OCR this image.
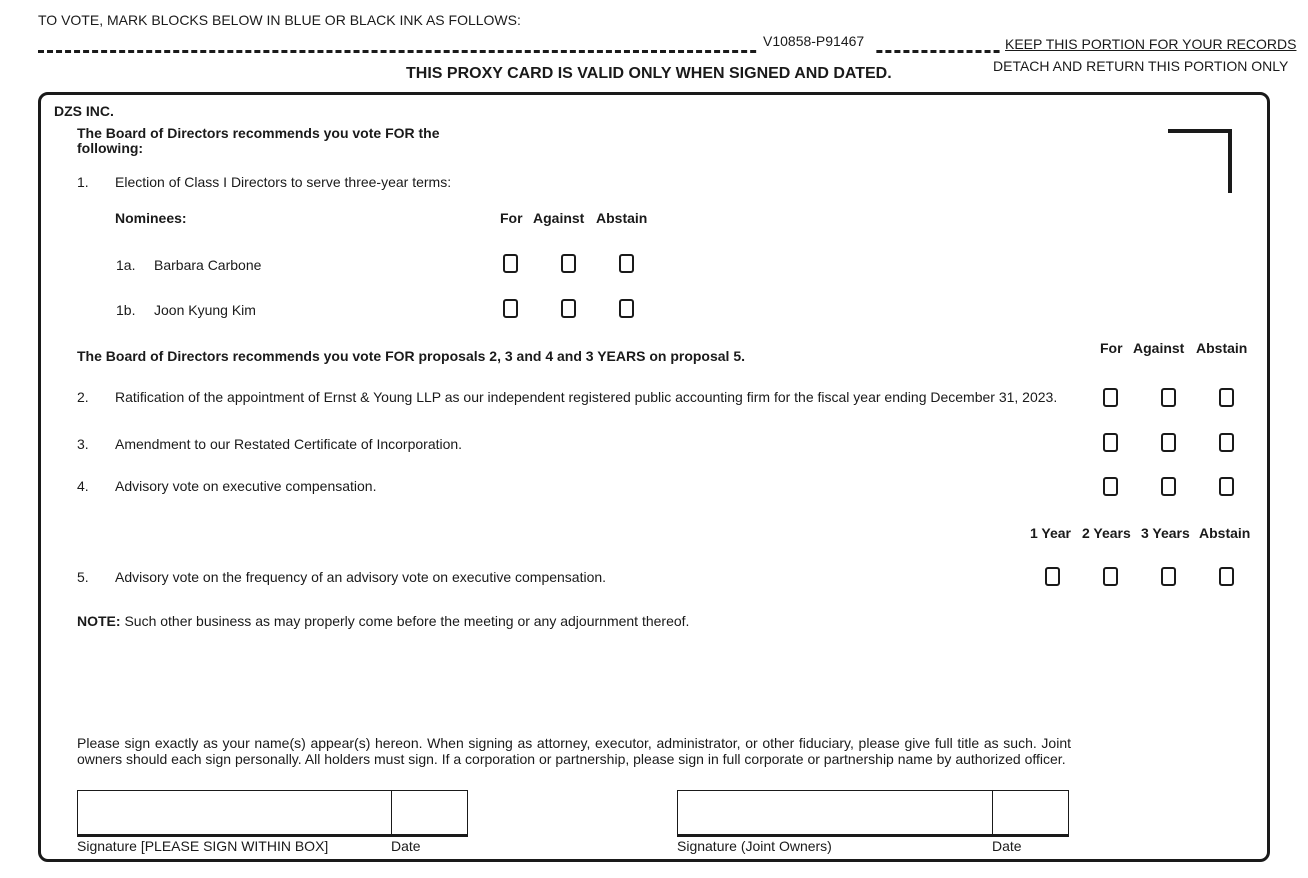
TO VOTE, MARK BLOCKS BELOW IN BLUE OR BLACK INK AS FOLLOWS:
V10858-P91467	KEEP THIS PORTION FOR YOUR RECORDS
DETACH AND RETURN THIS PORTION ONLY
THIS PROXY CARD IS VALID ONLY WHEN SIGNED AND DATED.
DZS INC.
The Board of Directors recommends you vote FOR the following:
1. Election of Class I Directors to serve three-year terms:
Nominees:	For Against Abstain
1a. Barbara Carbone
1b. Joon Kyung Kim
The Board of Directors recommends you vote FOR proposals 2, 3 and 4 and 3 YEARS on proposal 5.	For Against Abstain
2. Ratification of the appointment of Ernst & Young LLP as our independent registered public accounting firm for the fiscal year ending December 31, 2023.
3. Amendment to our Restated Certificate of Incorporation.
4. Advisory vote on executive compensation.
1 Year 2 Years 3 Years Abstain
5. Advisory vote on the frequency of an advisory vote on executive compensation.
NOTE: Such other business as may properly come before the meeting or any adjournment thereof.
Please sign exactly as your name(s) appear(s) hereon. When signing as attorney, executor, administrator, or other fiduciary, please give full title as such. Joint owners should each sign personally. All holders must sign. If a corporation or partnership, please sign in full corporate or partnership name by authorized officer.
Signature [PLEASE SIGN WITHIN BOX]	Date	Signature (Joint Owners)	Date
